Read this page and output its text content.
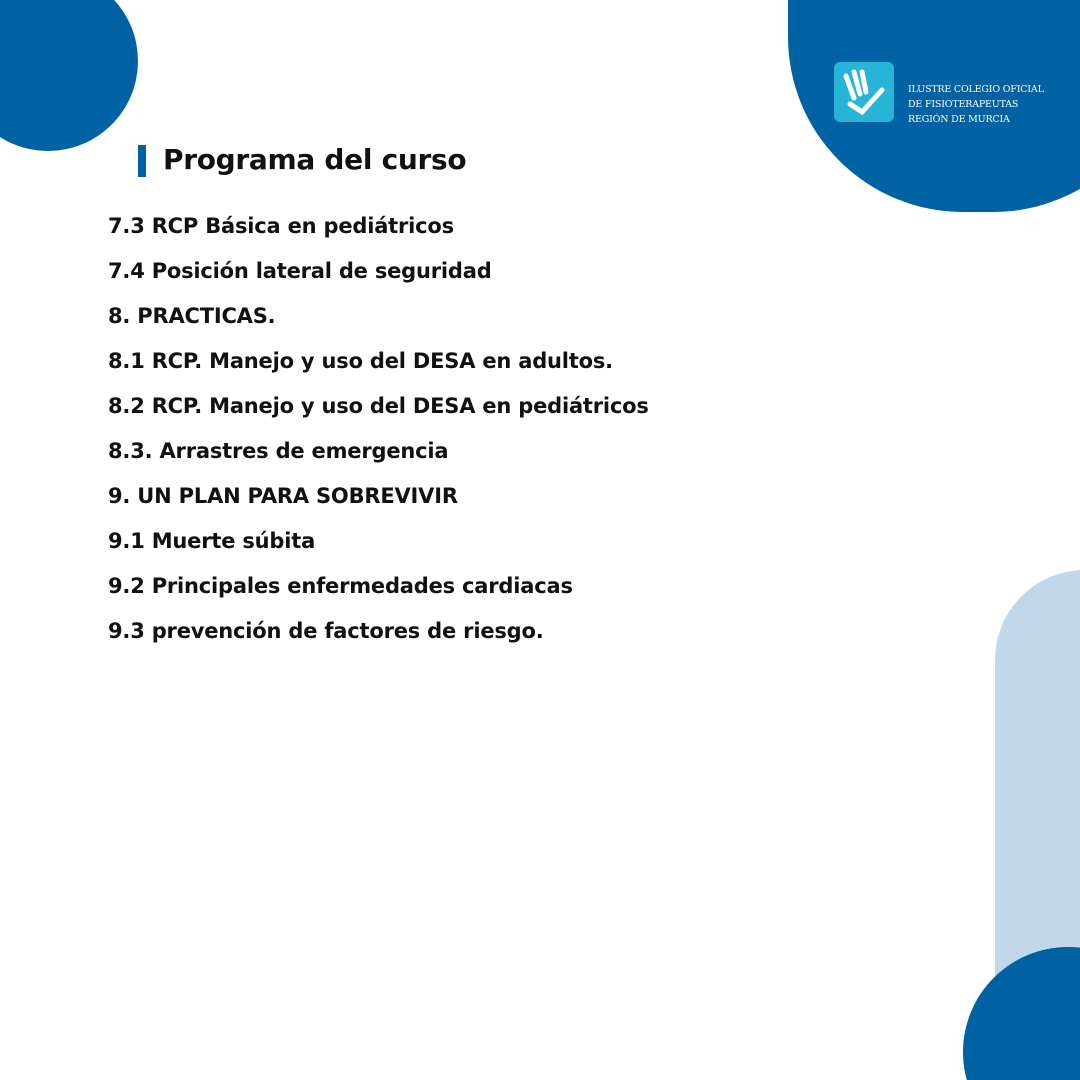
ILUSTRE COLEGIO OFICIAL
DE FISIOTERAPEUTAS
REGIÓN DE MURCIA
Programa del curso
7.3 RCP Básica en pediátricos
7.4 Posición lateral de seguridad
8. PRACTICAS.
8.1 RCP. Manejo y uso del DESA en adultos.
8.2 RCP. Manejo y uso del DESA en pediátricos
8.3. Arrastres de emergencia
9. UN PLAN PARA SOBREVIVIR
9.1 Muerte súbita
9.2 Principales enfermedades cardiacas
9.3 prevención de factores de riesgo.
